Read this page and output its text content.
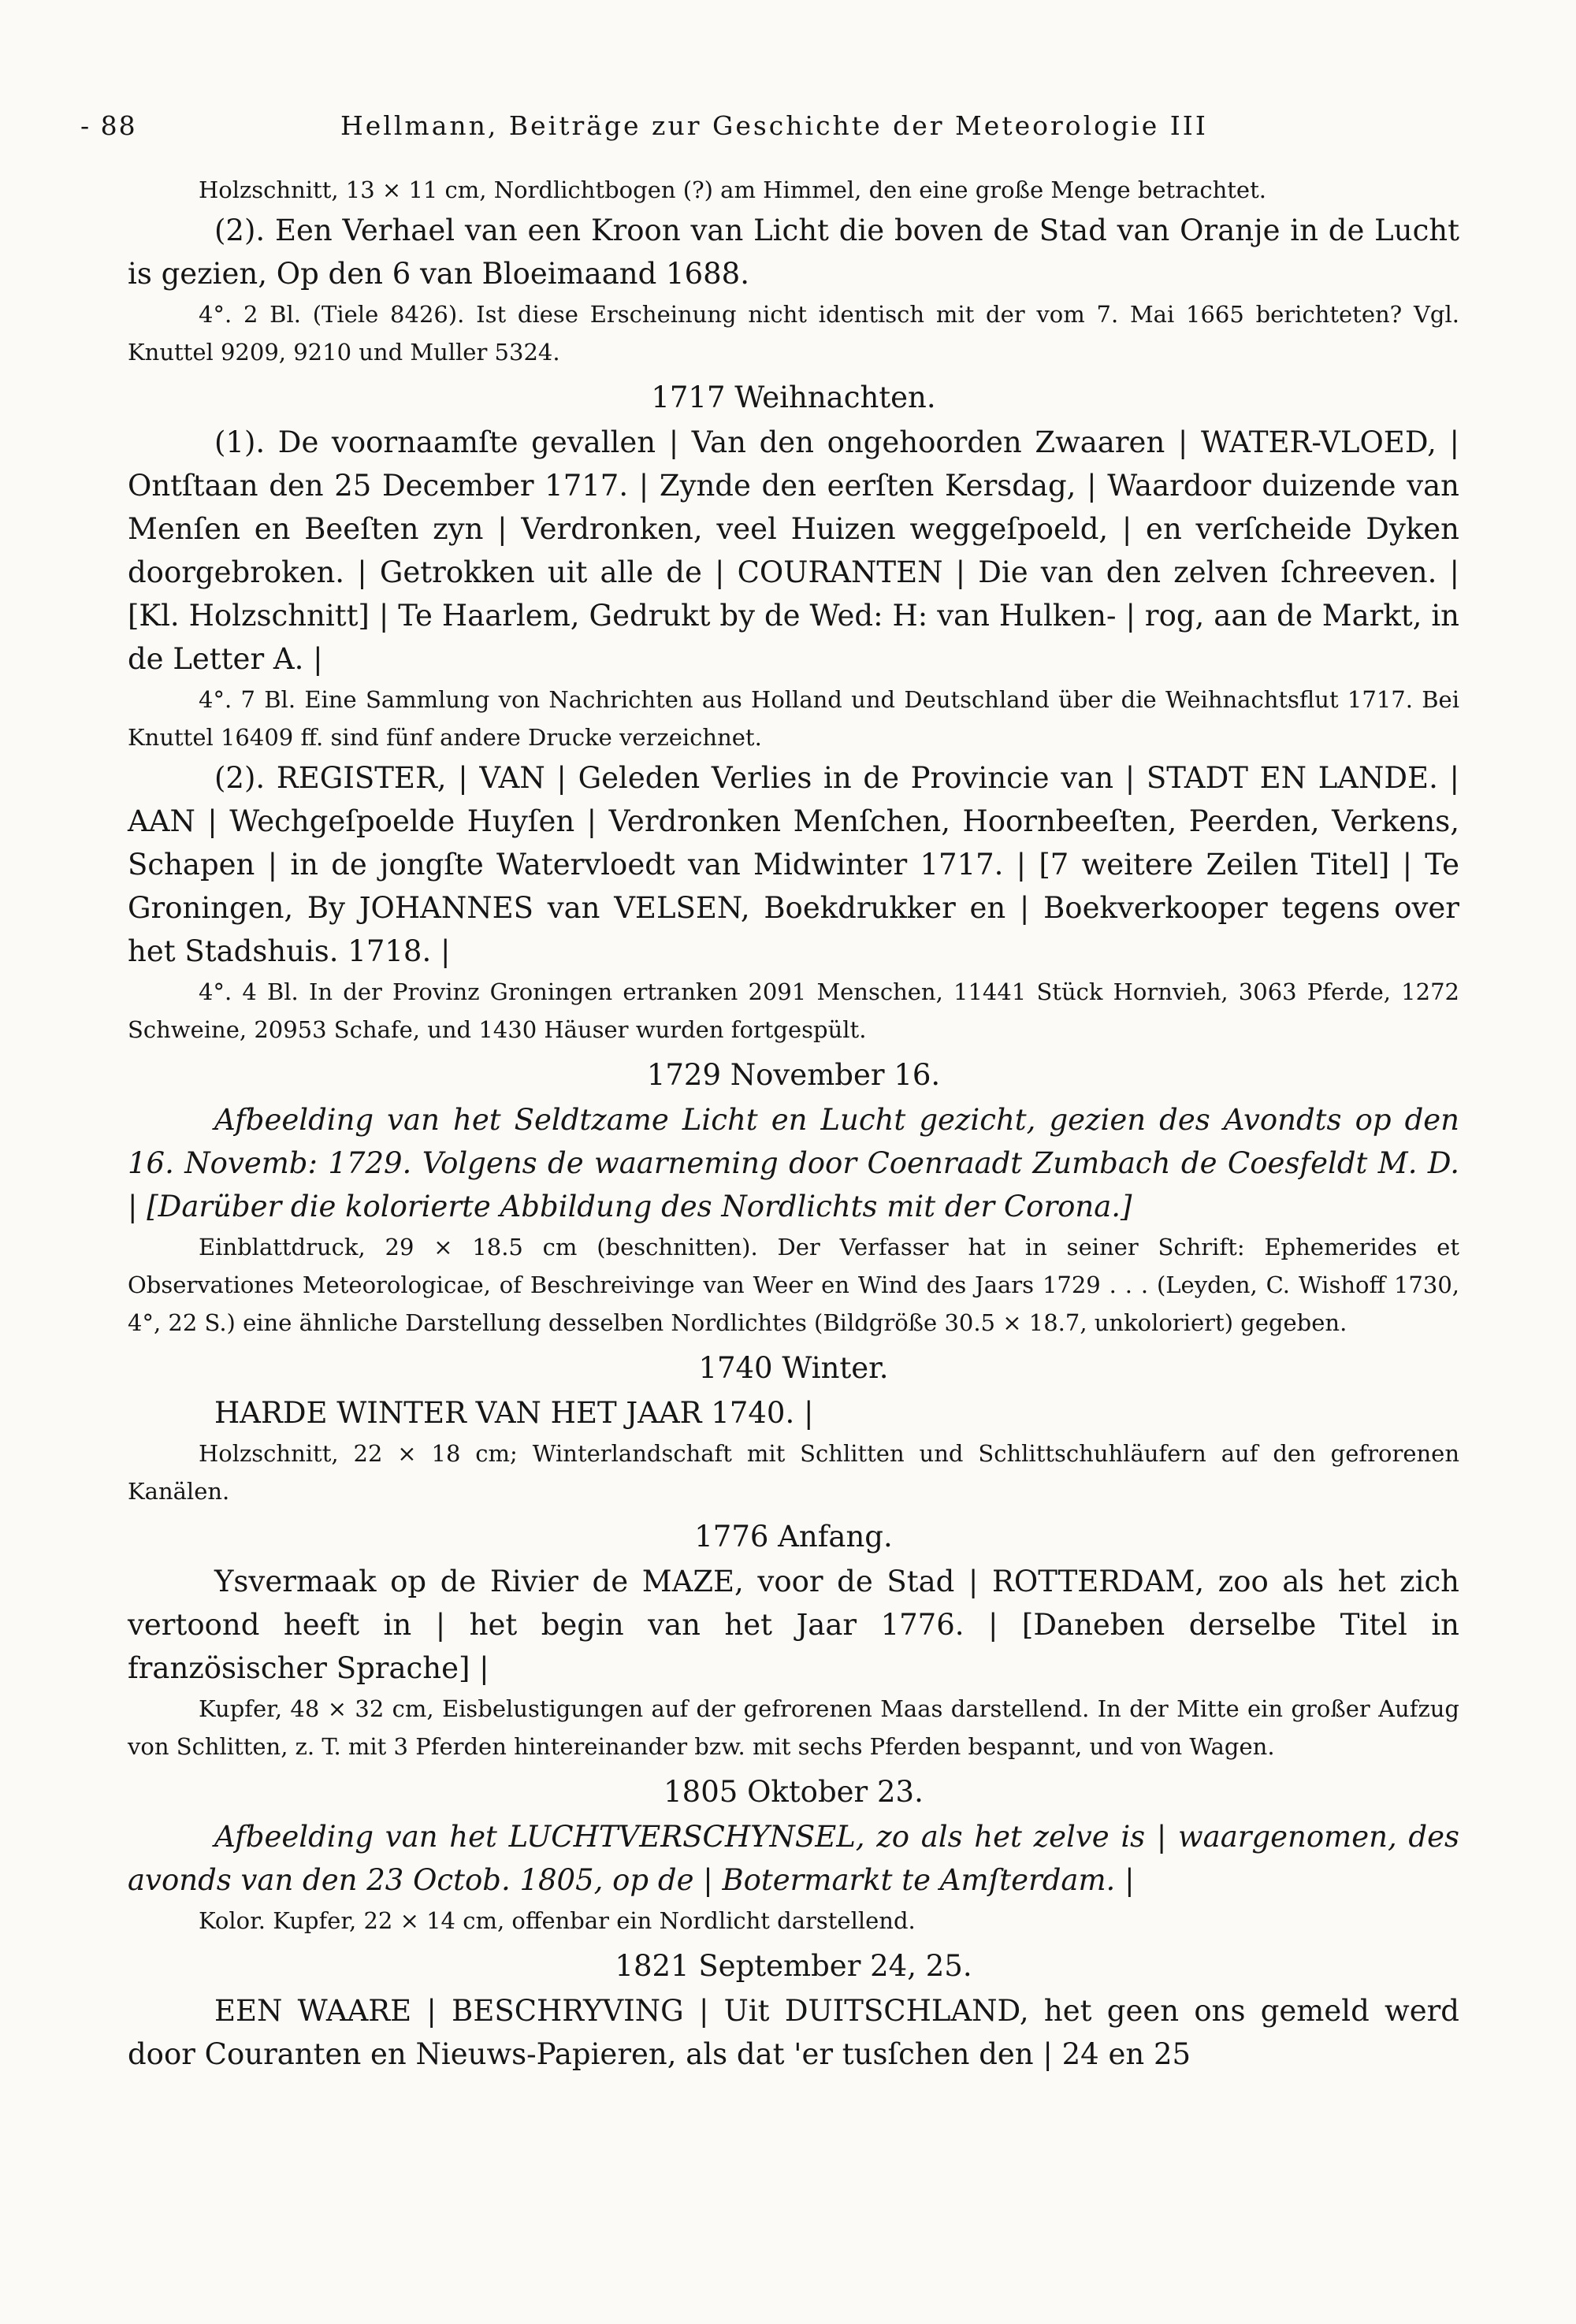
- 88	Hellmann, Beiträge zur Geschichte der Meteorologie III

Holzschnitt, 13 × 11 cm, Nordlichtbogen (?) am Himmel, den eine große Menge betrachtet.

(2). Een Verhael van een Kroon van Licht die boven de Stad van Oranje in de Lucht is gezien, Op den 6 van Bloeimaand 1688.

4°. 2 Bl. (Tiele 8426). Ist diese Erscheinung nicht identisch mit der vom 7. Mai 1665 berichteten? Vgl. Knuttel 9209, 9210 und Muller 5324.

1717 Weihnachten.

(1). De voornaamſte gevallen | Van den ongehoorden Zwaaren | WATER-VLOED, | Ontſtaan den 25 December 1717. | Zynde den eerſten Kersdag, | Waardoor duizende van Menſen en Beeſten zyn | Verdronken, veel Huizen weggeſpoeld, | en verſcheide Dyken doorgebroken. | Getrokken uit alle de | COURANTEN | Die van den zelven ſchreeven. | [Kl. Holzschnitt] | Te Haarlem, Gedrukt by de Wed: H: van Hulken- | rog, aan de Markt, in de Letter A. |

4°. 7 Bl. Eine Sammlung von Nachrichten aus Holland und Deutschland über die Weihnachtsflut 1717. Bei Knuttel 16409 ff. sind fünf andere Drucke verzeichnet.

(2). REGISTER, | VAN | Geleden Verlies in de Provincie van | STADT EN LANDE. | AAN | Wechgeſpoelde Huyſen | Verdronken Menſchen, Hoornbeeſten, Peerden, Verkens, Schapen | in de jongſte Watervloedt van Midwinter 1717. | [7 weitere Zeilen Titel] | Te Groningen, By JOHANNES van VELSEN, Boekdrukker en | Boekverkooper tegens over het Stadshuis. 1718. |

4°. 4 Bl. In der Provinz Groningen ertranken 2091 Menschen, 11441 Stück Hornvieh, 3063 Pferde, 1272 Schweine, 20953 Schafe, und 1430 Häuser wurden fortgespült.

1729 November 16.

Afbeelding van het Seldtzame Licht en Lucht gezicht, gezien des Avondts op den 16. Novemb: 1729. Volgens de waarneming door Coenraadt Zumbach de Coesfeldt M. D. | [Darüber die kolorierte Abbildung des Nordlichts mit der Corona.]

Einblattdruck, 29 × 18.5 cm (beschnitten). Der Verfasser hat in seiner Schrift: Ephemerides et Observationes Meteorologicae, of Beschreivinge van Weer en Wind des Jaars 1729 . . . (Leyden, C. Wishoff 1730, 4°, 22 S.) eine ähnliche Darstellung desselben Nordlichtes (Bildgröße 30.5 × 18.7, unkoloriert) gegeben.

1740 Winter.

HARDE WINTER VAN HET JAAR 1740. |

Holzschnitt, 22 × 18 cm; Winterlandschaft mit Schlitten und Schlittschuhläufern auf den gefrorenen Kanälen.

1776 Anfang.

Ysvermaak op de Rivier de MAZE, voor de Stad | ROTTERDAM, zoo als het zich vertoond heeft in | het begin van het Jaar 1776. | [Daneben derselbe Titel in französischer Sprache] |

Kupfer, 48 × 32 cm, Eisbelustigungen auf der gefrorenen Maas darstellend. In der Mitte ein großer Aufzug von Schlitten, z. T. mit 3 Pferden hintereinander bzw. mit sechs Pferden bespannt, und von Wagen.

1805 Oktober 23.

Afbeelding van het LUCHTVERSCHYNSEL, zo als het zelve is | waargenomen, des avonds van den 23 Octob. 1805, op de | Botermarkt te Amſterdam. |

Kolor. Kupfer, 22 × 14 cm, offenbar ein Nordlicht darstellend.

1821 September 24, 25.

EEN WAARE | BESCHRYVING | Uit DUITSCHLAND, het geen ons gemeld werd door Couranten en Nieuws-Papieren, als dat 'er tusſchen den | 24 en 25
